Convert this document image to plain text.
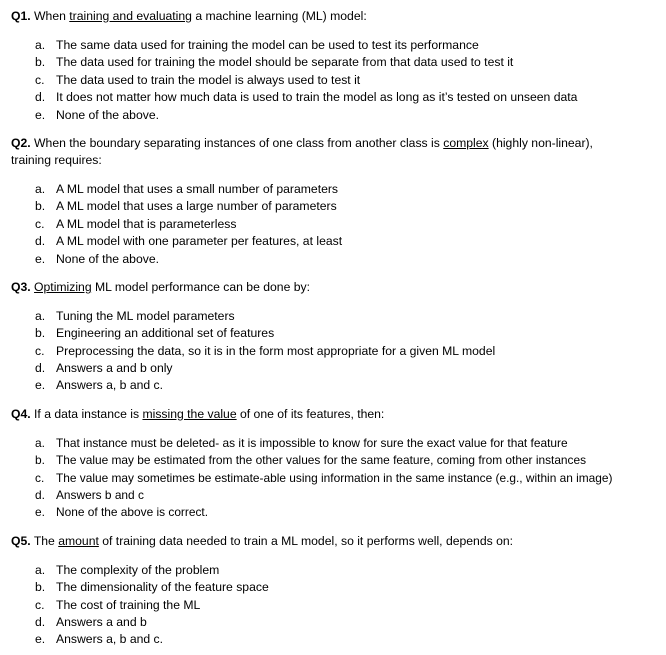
Q1. When training and evaluating a machine learning (ML) model:

a. The same data used for training the model can be used to test its performance
b. The data used for training the model should be separate from that data used to test it
c. The data used to train the model is always used to test it
d. It does not matter how much data is used to train the model as long as it’s tested on unseen data
e. None of the above.

Q2. When the boundary separating instances of one class from another class is complex (highly non-linear), training requires:

a. A ML model that uses a small number of parameters
b. A ML model that uses a large number of parameters
c. A ML model that is parameterless
d. A ML model with one parameter per features, at least
e. None of the above.

Q3. Optimizing ML model performance can be done by:

a. Tuning the ML model parameters
b. Engineering an additional set of features
c. Preprocessing the data, so it is in the form most appropriate for a given ML model
d. Answers a and b only
e. Answers a, b and c.

Q4. If a data instance is missing the value of one of its features, then:

a. That instance must be deleted- as it is impossible to know for sure the exact value for that feature
b. The value may be estimated from the other values for the same feature, coming from other instances
c. The value may sometimes be estimate-able using information in the same instance (e.g., within an image)
d. Answers b and c
e. None of the above is correct.

Q5. The amount of training data needed to train a ML model, so it performs well, depends on:

a. The complexity of the problem
b. The dimensionality of the feature space
c. The cost of training the ML
d. Answers a and b
e. Answers a, b and c.
